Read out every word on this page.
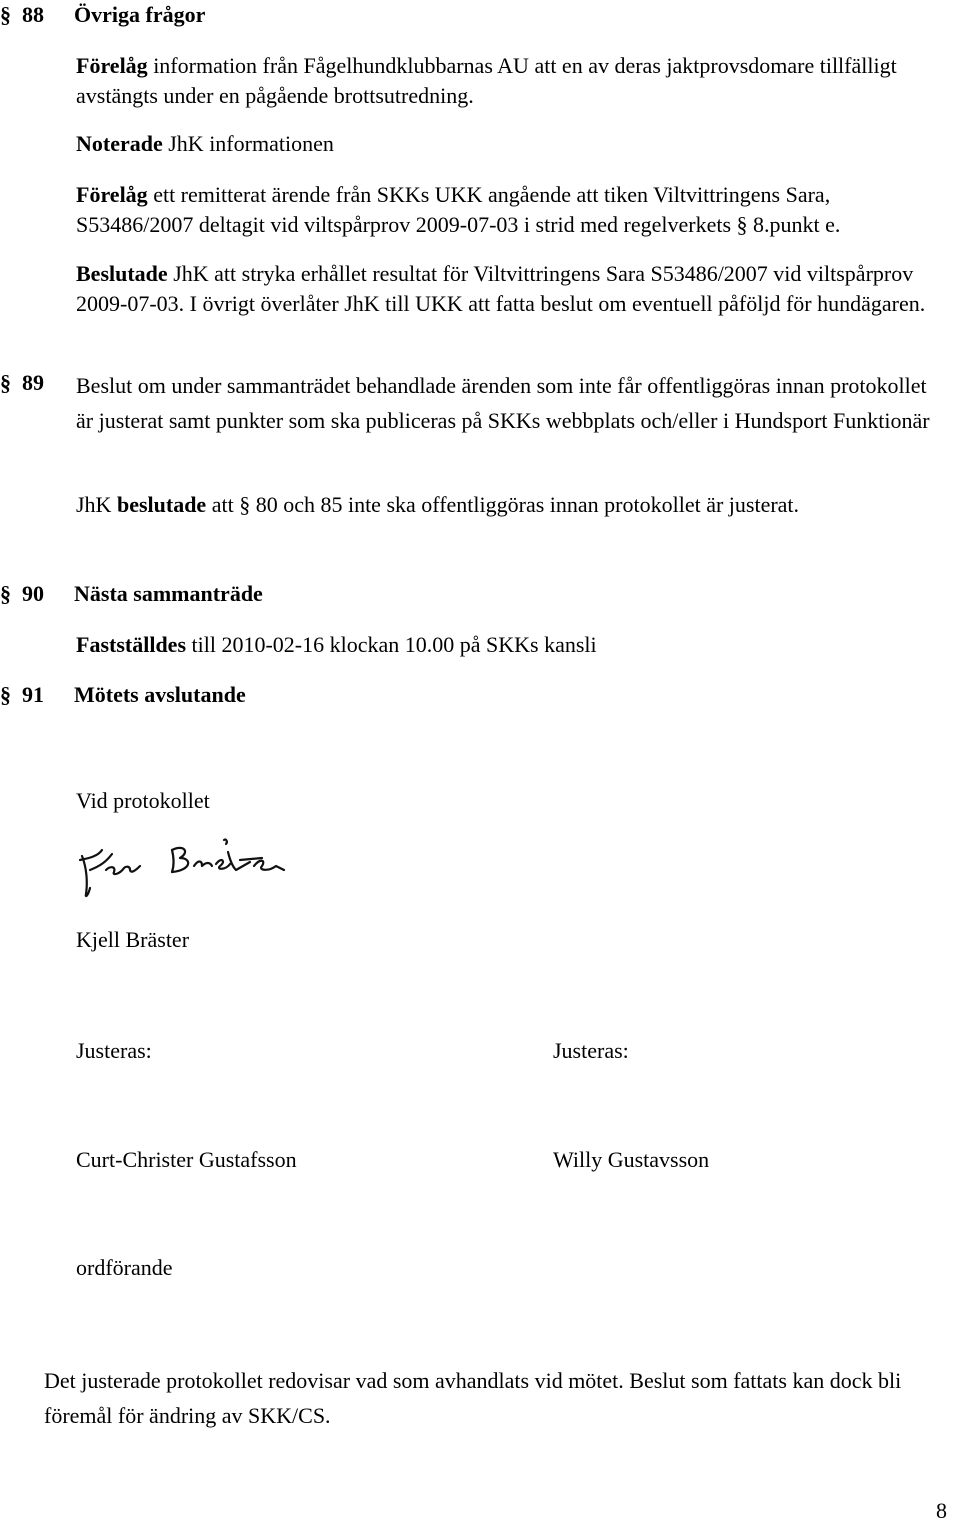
§ 88 Övriga frågor
Förelåg information från Fågelhundklubbarnas AU att en av deras jaktprovsdomare tillfälligt avstängts under en pågående brottsutredning.
Noterade JhK informationen
Förelåg ett remitterat ärende från SKKs UKK angående att tiken Viltvittringens Sara, S53486/2007 deltagit vid viltspårprov 2009-07-03 i strid med regelverkets § 8.punkt e.
Beslutade JhK att stryka erhållet resultat för Viltvittringens Sara S53486/2007 vid viltspårprov 2009-07-03. I övrigt överlåter JhK till UKK att fatta beslut om eventuell påföljd för hundägaren.
§ 89	Beslut om under sammanträdet behandlade ärenden som inte får offentliggöras innan protokollet är justerat samt punkter som ska publiceras på SKKs webbplats och/eller i Hundsport Funktionär
JhK beslutade att § 80 och 85 inte ska offentliggöras innan protokollet är justerat.
§ 90 Nästa sammanträde
Fastställdes till 2010-02-16 klockan 10.00 på SKKs kansli
§ 91 Mötets avslutande
Vid protokollet
Kjell Bräster
Justeras:	Justeras:
Curt-Christer Gustafsson	Willy Gustavsson
ordförande
Det justerade protokollet redovisar vad som avhandlats vid mötet. Beslut som fattats kan dock bli föremål för ändring av SKK/CS.
8
